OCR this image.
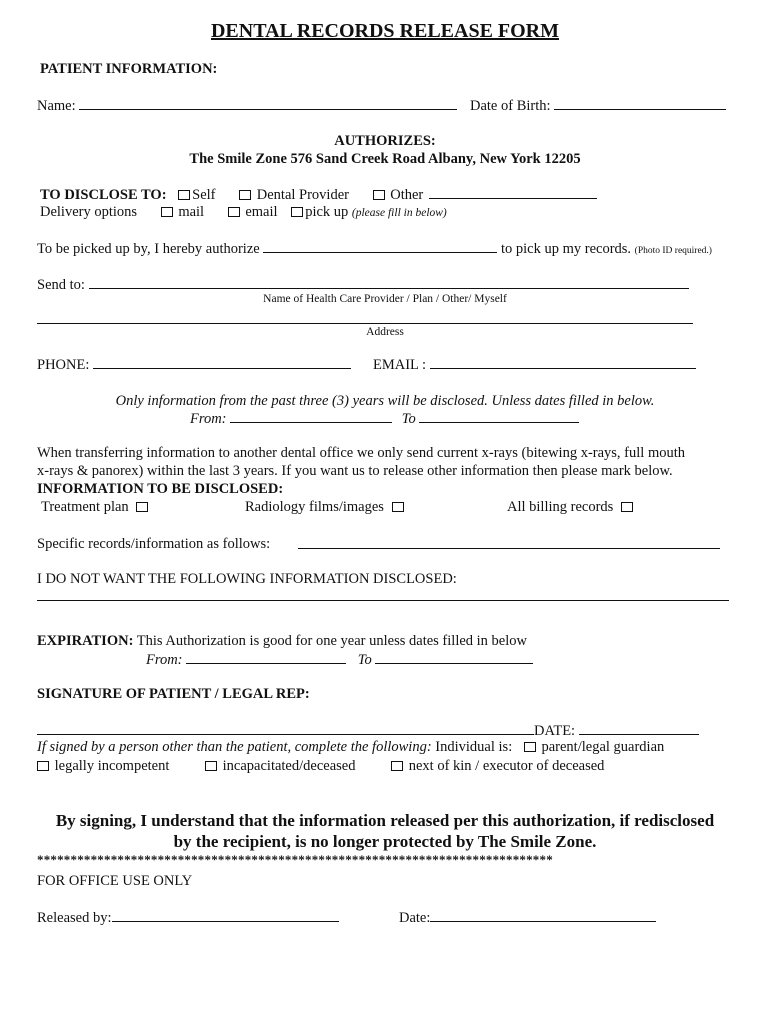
DENTAL RECORDS RELEASE FORM
PATIENT INFORMATION:
Name:	Date of Birth:
AUTHORIZES:
The Smile Zone 576 Sand Creek Road Albany, New York 12205
TO DISCLOSE TO: Self	Dental Provider	Other
Delivery options	mail	email pick up (please fill in below)
To be picked up by, I hereby authorize	to pick up my records. (Photo ID required.)
Send to:
Name of Health Care Provider / Plan / Other/ Myself
Address
PHONE:	EMAIL :
Only information from the past three (3) years will be disclosed. Unless dates filled in below.
From:	To
When transferring information to another dental office we only send current x-rays (bitewing x-rays, full mouth
x-rays & panorex) within the last 3 years. If you want us to release other information then please mark below.
INFORMATION TO BE DISCLOSED:
Treatment plan	Radiology films/images	All billing records
Specific records/information as follows:
I DO NOT WANT THE FOLLOWING INFORMATION DISCLOSED:
EXPIRATION: This Authorization is good for one year unless dates filled in below
From:	To
SIGNATURE OF PATIENT / LEGAL REP:
DATE:
If signed by a person other than the patient, complete the following: Individual is: parent/legal guardian
legally incompetent	incapacitated/deceased	next of kin / executor of deceased
By signing, I understand that the information released per this authorization, if redisclosed
by the recipient, is no longer protected by The Smile Zone.
*****************************************************************************
FOR OFFICE USE ONLY
Released by:	Date:
